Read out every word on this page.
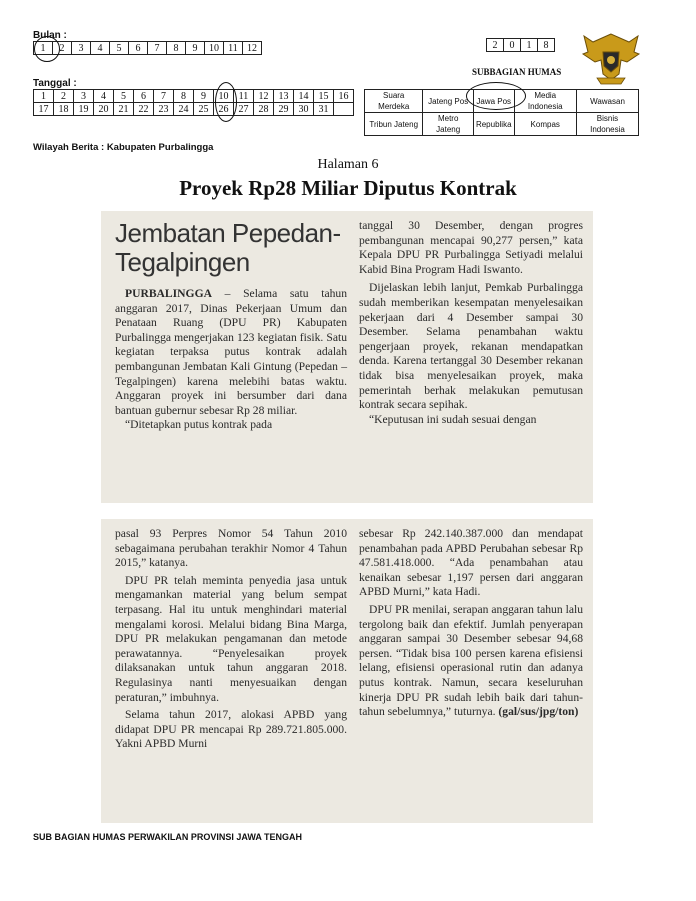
Bulan :
1	2	3	4	5	6	7	8	9	10	11	12
Tanggal :
1	2	3	4	5	6	7	8	9	10	11	12	13	14	15	16
17	18	19	20	21	22	23	24	25	26	27	28	29	30	31	
2	0	1	8
SUBBAGIAN HUMAS
Suara Merdeka	Jateng Pos	Jawa Pos	Media Indonesia	Wawasan
Tribun Jateng	Metro Jateng	Republika	Kompas	Bisnis Indonesia
Wilayah Berita : Kabupaten Purbalingga
Halaman 6
Proyek Rp28 Miliar Diputus Kontrak
Jembatan Pepedan-
Tegalpingen

PURBALINGGA – Selama satu tahun anggaran 2017, Dinas Pekerjaan Umum dan Penataan Ruang (DPU PR) Kabupaten Purbalingga mengerjakan 123 kegiatan fisik. Satu kegiatan terpaksa putus kontrak adalah pembangunan Jembatan Kali Gintung (Pepedan – Tegalpingen) karena melebihi batas waktu. Anggaran proyek ini bersumber dari dana bantuan gubernur sebesar Rp 28 miliar.

“Ditetapkan putus kontrak pada

tanggal 30 Desember, dengan progres pembangunan mencapai 90,277 persen,” kata Kepala DPU PR Purbalingga Setiyadi melalui Kabid Bina Program Hadi Iswanto.

Dijelaskan lebih lanjut, Pemkab Purbalingga sudah memberikan kesempatan menyelesaikan pekerjaan dari 4 Desember sampai 30 Desember. Selama penambahan waktu pengerjaan proyek, rekanan mendapatkan denda. Karena tertanggal 30 Desember rekanan tidak bisa menyelesaikan proyek, maka pemerintah berhak melakukan pemutusan kontrak secara sepihak.

“Keputusan ini sudah sesuai dengan

pasal 93 Perpres Nomor 54 Tahun 2010 sebagaimana perubahan terakhir Nomor 4 Tahun 2015,” katanya.

DPU PR telah meminta penyedia jasa untuk mengamankan material yang belum sempat terpasang. Hal itu untuk menghindari material mengalami korosi. Melalui bidang Bina Marga, DPU PR melakukan pengamanan dan metode perawatannya. “Penyelesaikan proyek dilaksanakan untuk tahun anggaran 2018. Regulasinya nanti menyesuaikan dengan peraturan,” imbuhnya.

Selama tahun 2017, alokasi APBD yang didapat DPU PR mencapai Rp 289.721.805.000. Yakni APBD Murni

sebesar Rp 242.140.387.000 dan mendapat penambahan pada APBD Perubahan sebesar Rp 47.581.418.000. “Ada penambahan atau kenaikan sebesar 1,197 persen dari anggaran APBD Murni,” kata Hadi.

DPU PR menilai, serapan anggaran tahun lalu tergolong baik dan efektif. Jumlah penyerapan anggaran sampai 30 Desember sebesar 94,68 persen. “Tidak bisa 100 persen karena efisiensi lelang, efisiensi operasional rutin dan adanya putus kontrak. Namun, secara keseluruhan kinerja DPU PR sudah lebih baik dari tahun-tahun sebelumnya,” tuturnya. (gal/sus/jpg/ton)

SUB BAGIAN HUMAS PERWAKILAN PROVINSI JAWA TENGAH
